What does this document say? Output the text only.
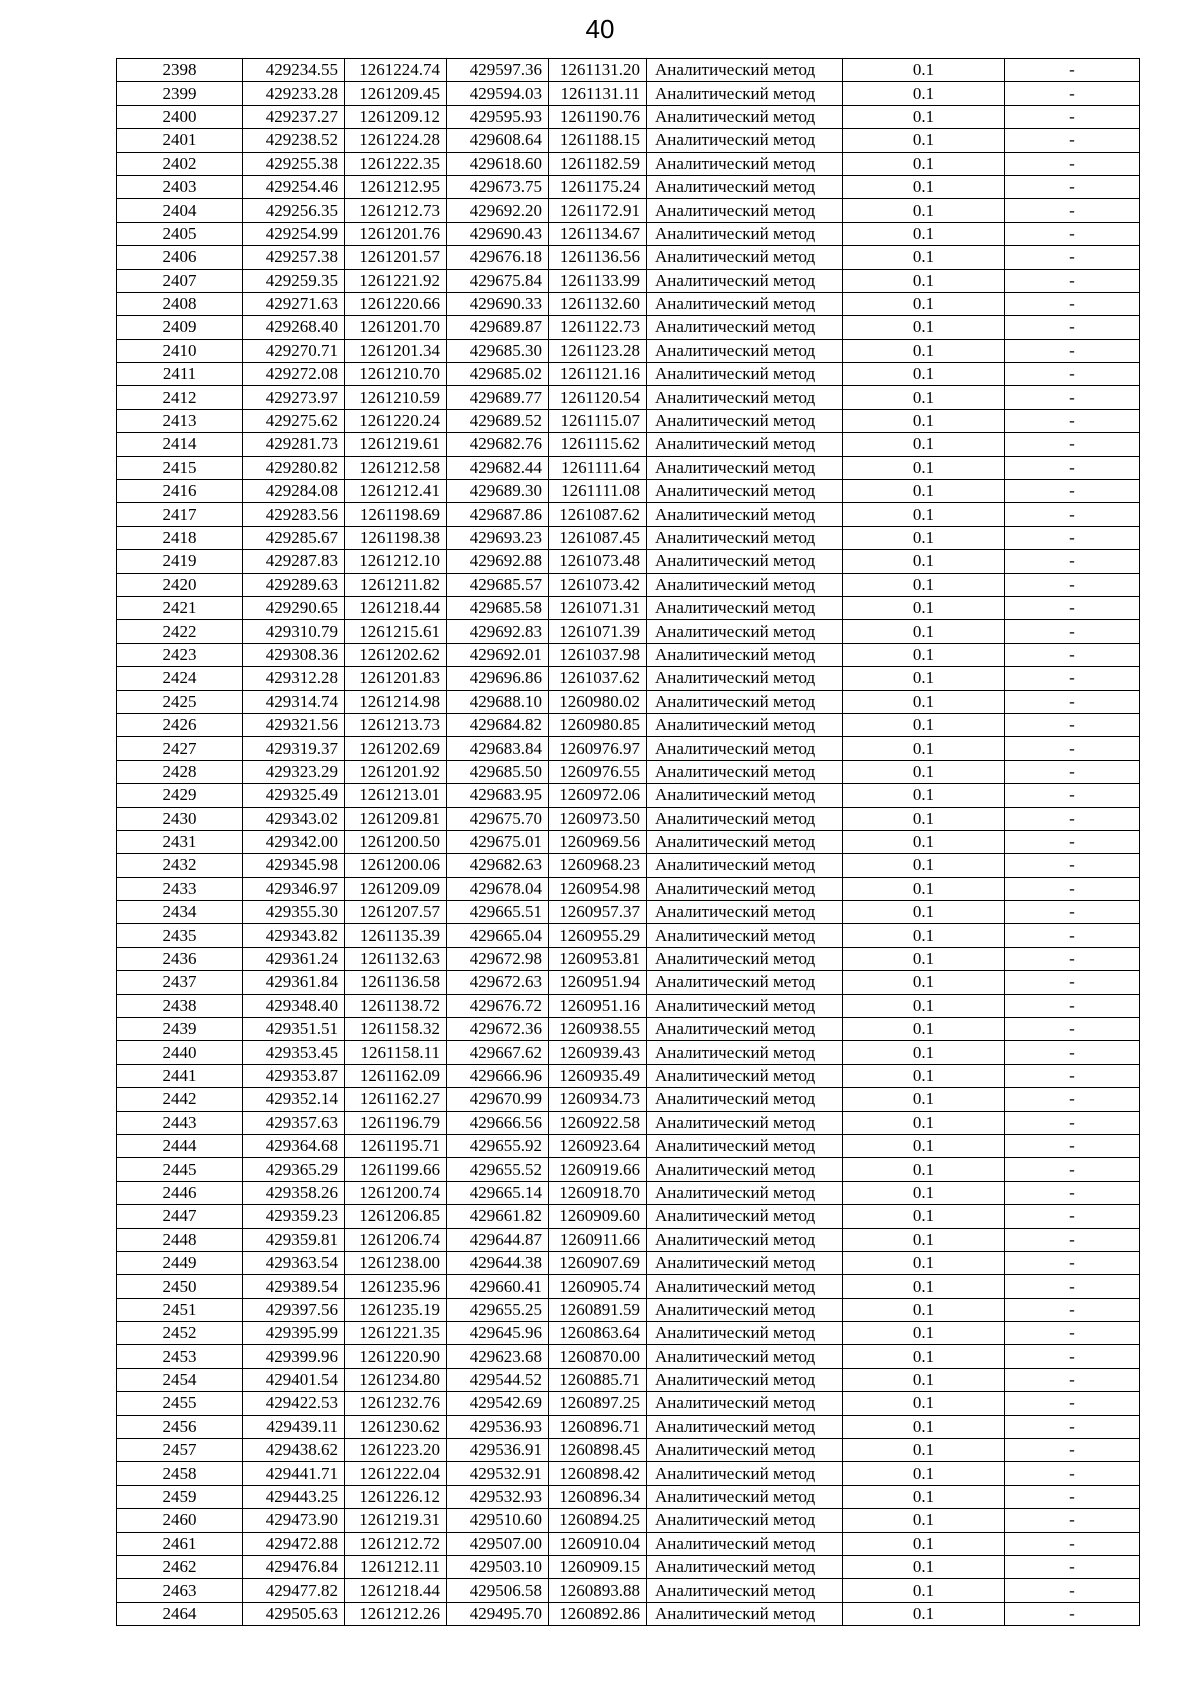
40
2398	429234.55	1261224.74	429597.36	1261131.20	Аналитический метод	0.1	-
2399	429233.28	1261209.45	429594.03	1261131.11	Аналитический метод	0.1	-
2400	429237.27	1261209.12	429595.93	1261190.76	Аналитический метод	0.1	-
2401	429238.52	1261224.28	429608.64	1261188.15	Аналитический метод	0.1	-
2402	429255.38	1261222.35	429618.60	1261182.59	Аналитический метод	0.1	-
2403	429254.46	1261212.95	429673.75	1261175.24	Аналитический метод	0.1	-
2404	429256.35	1261212.73	429692.20	1261172.91	Аналитический метод	0.1	-
2405	429254.99	1261201.76	429690.43	1261134.67	Аналитический метод	0.1	-
2406	429257.38	1261201.57	429676.18	1261136.56	Аналитический метод	0.1	-
2407	429259.35	1261221.92	429675.84	1261133.99	Аналитический метод	0.1	-
2408	429271.63	1261220.66	429690.33	1261132.60	Аналитический метод	0.1	-
2409	429268.40	1261201.70	429689.87	1261122.73	Аналитический метод	0.1	-
2410	429270.71	1261201.34	429685.30	1261123.28	Аналитический метод	0.1	-
2411	429272.08	1261210.70	429685.02	1261121.16	Аналитический метод	0.1	-
2412	429273.97	1261210.59	429689.77	1261120.54	Аналитический метод	0.1	-
2413	429275.62	1261220.24	429689.52	1261115.07	Аналитический метод	0.1	-
2414	429281.73	1261219.61	429682.76	1261115.62	Аналитический метод	0.1	-
2415	429280.82	1261212.58	429682.44	1261111.64	Аналитический метод	0.1	-
2416	429284.08	1261212.41	429689.30	1261111.08	Аналитический метод	0.1	-
2417	429283.56	1261198.69	429687.86	1261087.62	Аналитический метод	0.1	-
2418	429285.67	1261198.38	429693.23	1261087.45	Аналитический метод	0.1	-
2419	429287.83	1261212.10	429692.88	1261073.48	Аналитический метод	0.1	-
2420	429289.63	1261211.82	429685.57	1261073.42	Аналитический метод	0.1	-
2421	429290.65	1261218.44	429685.58	1261071.31	Аналитический метод	0.1	-
2422	429310.79	1261215.61	429692.83	1261071.39	Аналитический метод	0.1	-
2423	429308.36	1261202.62	429692.01	1261037.98	Аналитический метод	0.1	-
2424	429312.28	1261201.83	429696.86	1261037.62	Аналитический метод	0.1	-
2425	429314.74	1261214.98	429688.10	1260980.02	Аналитический метод	0.1	-
2426	429321.56	1261213.73	429684.82	1260980.85	Аналитический метод	0.1	-
2427	429319.37	1261202.69	429683.84	1260976.97	Аналитический метод	0.1	-
2428	429323.29	1261201.92	429685.50	1260976.55	Аналитический метод	0.1	-
2429	429325.49	1261213.01	429683.95	1260972.06	Аналитический метод	0.1	-
2430	429343.02	1261209.81	429675.70	1260973.50	Аналитический метод	0.1	-
2431	429342.00	1261200.50	429675.01	1260969.56	Аналитический метод	0.1	-
2432	429345.98	1261200.06	429682.63	1260968.23	Аналитический метод	0.1	-
2433	429346.97	1261209.09	429678.04	1260954.98	Аналитический метод	0.1	-
2434	429355.30	1261207.57	429665.51	1260957.37	Аналитический метод	0.1	-
2435	429343.82	1261135.39	429665.04	1260955.29	Аналитический метод	0.1	-
2436	429361.24	1261132.63	429672.98	1260953.81	Аналитический метод	0.1	-
2437	429361.84	1261136.58	429672.63	1260951.94	Аналитический метод	0.1	-
2438	429348.40	1261138.72	429676.72	1260951.16	Аналитический метод	0.1	-
2439	429351.51	1261158.32	429672.36	1260938.55	Аналитический метод	0.1	-
2440	429353.45	1261158.11	429667.62	1260939.43	Аналитический метод	0.1	-
2441	429353.87	1261162.09	429666.96	1260935.49	Аналитический метод	0.1	-
2442	429352.14	1261162.27	429670.99	1260934.73	Аналитический метод	0.1	-
2443	429357.63	1261196.79	429666.56	1260922.58	Аналитический метод	0.1	-
2444	429364.68	1261195.71	429655.92	1260923.64	Аналитический метод	0.1	-
2445	429365.29	1261199.66	429655.52	1260919.66	Аналитический метод	0.1	-
2446	429358.26	1261200.74	429665.14	1260918.70	Аналитический метод	0.1	-
2447	429359.23	1261206.85	429661.82	1260909.60	Аналитический метод	0.1	-
2448	429359.81	1261206.74	429644.87	1260911.66	Аналитический метод	0.1	-
2449	429363.54	1261238.00	429644.38	1260907.69	Аналитический метод	0.1	-
2450	429389.54	1261235.96	429660.41	1260905.74	Аналитический метод	0.1	-
2451	429397.56	1261235.19	429655.25	1260891.59	Аналитический метод	0.1	-
2452	429395.99	1261221.35	429645.96	1260863.64	Аналитический метод	0.1	-
2453	429399.96	1261220.90	429623.68	1260870.00	Аналитический метод	0.1	-
2454	429401.54	1261234.80	429544.52	1260885.71	Аналитический метод	0.1	-
2455	429422.53	1261232.76	429542.69	1260897.25	Аналитический метод	0.1	-
2456	429439.11	1261230.62	429536.93	1260896.71	Аналитический метод	0.1	-
2457	429438.62	1261223.20	429536.91	1260898.45	Аналитический метод	0.1	-
2458	429441.71	1261222.04	429532.91	1260898.42	Аналитический метод	0.1	-
2459	429443.25	1261226.12	429532.93	1260896.34	Аналитический метод	0.1	-
2460	429473.90	1261219.31	429510.60	1260894.25	Аналитический метод	0.1	-
2461	429472.88	1261212.72	429507.00	1260910.04	Аналитический метод	0.1	-
2462	429476.84	1261212.11	429503.10	1260909.15	Аналитический метод	0.1	-
2463	429477.82	1261218.44	429506.58	1260893.88	Аналитический метод	0.1	-
2464	429505.63	1261212.26	429495.70	1260892.86	Аналитический метод	0.1	-
